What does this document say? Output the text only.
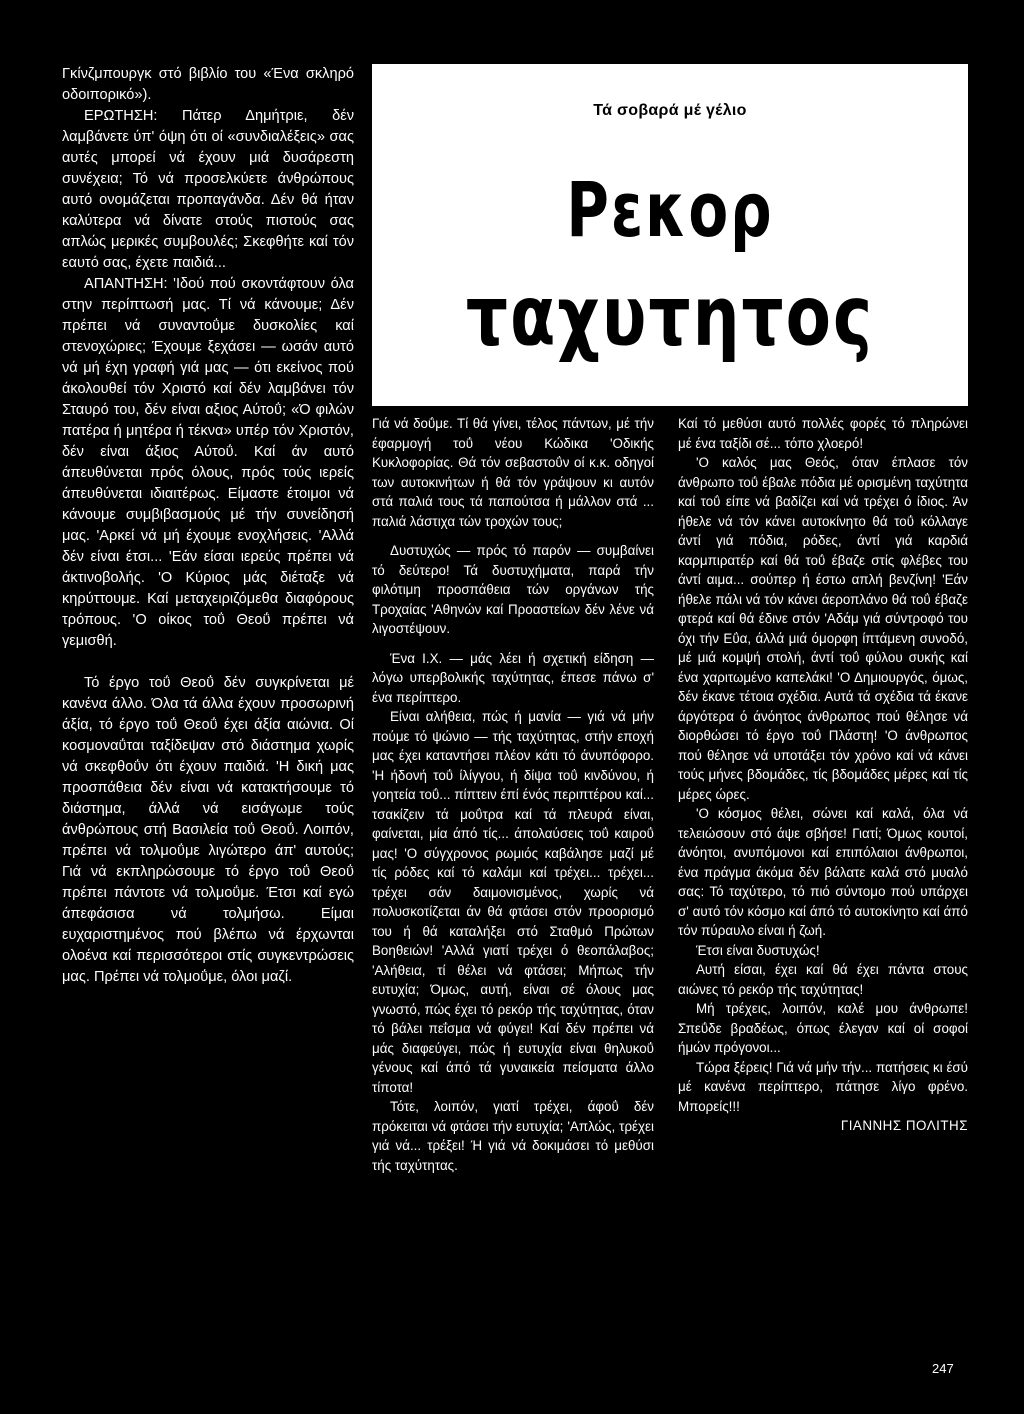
Γκίνζμπουργκ στό βιβλίο του «Ένα σκληρό οδοιπορικό»).

ΕΡΩΤΗΣΗ: Πάτερ Δημήτριε, δέν λαμβάνετε ύπ' όψη ότι οί «συνδιαλέξεις» σας αυτές μπορεί νά έχουν μιά δυσάρεστη συνέχεια; Τό νά προσελκύετε άνθρώπους αυτό ονομάζεται προπαγάνδα. Δέν θά ήταν καλύτερα νά δίνατε στούς πιστούς σας απλώς μερικές συμβουλές; Σκεφθήτε καί τόν εαυτό σας, έχετε παιδιά...

ΑΠΑΝΤΗΣΗ: 'Ιδού πού σκοντάφτουν όλα στην περίπτωσή μας. Τί νά κάνουμε; Δέν πρέπει νά συναντοΰμε δυσκολίες καί στενοχώριες; Έχουμε ξεχάσει — ωσάν αυτό νά μή έχη γραφή γιά μας — ότι εκείνος πού άκολουθεί τόν Χριστό καί δέν λαμβάνει τόν Σταυρό του, δέν είναι αξιος Αύτοΰ; «Ό φιλών πατέρα ή μητέρα ή τέκνα» υπέρ τόν Χριστόν, δέν είναι άξιος Αύτοΰ. Καί άν αυτό άπευθύνεται πρός όλους, πρός τούς ιερείς άπευθύνεται ιδιαιτέρως. Είμαστε έτοιμοι νά κάνουμε συμβιβασμούς μέ τήν συνείδησή μας. 'Αρκεί νά μή έχουμε ενοχλήσεις. 'Αλλά δέν είναι έτσι... 'Εάν είσαι ιερεύς πρέπει νά άκτινοβολής. 'Ο Κύριος μάς διέταξε νά κηρύττουμε. Καί μεταχειριζόμεθα διαφόρους τρόπους. 'Ο οίκος τοΰ Θεοΰ πρέπει νά γεμισθή.

Τό έργο τοΰ Θεοΰ δέν συγκρίνεται μέ κανένα άλλο. Όλα τά άλλα έχουν προσωρινή άξία, τό έργο τοΰ Θεοΰ έχει άξία αιώνια. Οί κοσμοναΰται ταξίδεψαν στό διάστημα χωρίς νά σκεφθοΰν ότι έχουν παιδιά. 'Η δική μας προσπάθεια δέν είναι νά κατακτήσουμε τό διάστημα, άλλά νά εισάγωμε τούς άνθρώπους στή Βασιλεία τοΰ Θεοΰ. Λοιπόν, πρέπει νά τολμοΰμε λιγώτερο άπ' αυτούς; Γιά νά εκπληρώσουμε τό έργο τοΰ Θεοΰ πρέπει πάντοτε νά τολμοΰμε. Έτσι καί εγώ άπεφάσισα νά τολμήσω. Είμαι ευχαριστημένος πού βλέπω νά έρχωνται ολοένα καί περισσότεροι στίς συγκεντρώσεις μας. Πρέπει νά τολμοΰμε, όλοι μαζί.

Τά σοβαρά μέ γέλιο
Ρεκορ
ταχυτητος

Γιά νά δοΰμε. Τί θά γίνει, τέλος πάντων, μέ τήν έφαρμογή τοΰ νέου Κώδικα 'Οδικής Κυκλοφορίας. Θά τόν σεβαστοΰν οί κ.κ. οδηγοί των αυτοκινήτων ή θά τόν γράψουν κι αυτόν στά παλιά τους τά παπούτσα ή μάλλον στά ... παλιά λάστιχα τών τροχών τους;

Δυστυχώς — πρός τό παρόν — συμβαίνει τό δεύτερο! Τά δυστυχήματα, παρά τήν φιλότιμη προσπάθεια τών οργάνων τής Τροχαίας 'Αθηνών καί Προαστείων δέν λένε νά λιγοστέψουν.

Ένα Ι.Χ. — μάς λέει ή σχετική είδηση — λόγω υπερβολικής ταχύτητας, έπεσε πάνω σ' ένα περίπτερο.

Είναι αλήθεια, πώς ή μανία — γιά νά μήν πούμε τό ψώνιο — τής ταχύτητας, στήν εποχή μας έχει καταντήσει πλέον κάτι τό άνυπόφορο. 'Η ήδονή τοΰ ίλίγγου, ή δίψα τοΰ κινδύνου, ή γοητεία τοΰ... πίπτειν έπί ένός περιπτέρου καί... τσακίζειν τά μοΰτρα καί τά πλευρά είναι, φαίνεται, μία άπό τίς... άπολαύσεις τοΰ καιροΰ μας! 'Ο σύγχρονος ρωμιός καβάλησε μαζί μέ τίς ρόδες καί τό καλάμι καί τρέχει... τρέχει... τρέχει σάν δαιμονισμένος, χωρίς νά πολυσκοτίζεται άν θά φτάσει στόν προορισμό του ή θά καταλήξει στό Σταθμό Πρώτων Βοηθειών! 'Αλλά γιατί τρέχει ό θεοπάλαβος; 'Αλήθεια, τί θέλει νά φτάσει; Μήπως τήν ευτυχία; Όμως, αυτή, είναι σέ όλους μας γνωστό, πώς έχει τό ρεκόρ τής ταχύτητας, όταν τό βάλει πεΐσμα νά φύγει! Καί δέν πρέπει νά μάς διαφεύγει, πώς ή ευτυχία είναι θηλυκοΰ γένους καί άπό τά γυναικεία πείσματα άλλο τίποτα!

Τότε, λοιπόν, γιατί τρέχει, άφοΰ δέν πρόκειται νά φτάσει τήν ευτυχία; 'Απλώς, τρέχει γιά νά... τρέξει! Ή γιά νά δοκιμάσει τό μεθύσι τής ταχύτητας.

Καί τό μεθύσι αυτό πολλές φορές τό πληρώνει μέ ένα ταξίδι σέ... τόπο χλοερό!

'Ο καλός μας Θεός, όταν έπλασε τόν άνθρωπο τοΰ έβαλε πόδια μέ ορισμένη ταχύτητα καί τοΰ είπε νά βαδίζει καί νά τρέχει ό ίδιος. Άν ήθελε νά τόν κάνει αυτοκίνητο θά τοΰ κόλλαγε άντί γιά πόδια, ρόδες, άντί γιά καρδιά καρμπιρατέρ καί θά τοΰ έβαζε στίς φλέβες του άντί αιμα... σούπερ ή έστω απλή βενζίνη! 'Εάν ήθελε πάλι νά τόν κάνει άεροπλάνο θά τοΰ έβαζε φτερά καί θά έδινε στόν 'Αδάμ γιά σύντροφό του όχι τήν Εΰα, άλλά μιά όμορφη ίπτάμενη συνοδό, μέ μιά κομψή στολή, άντί τοΰ φύλου συκής καί ένα χαριτωμένο καπελάκι! 'Ο Δημιουργός, όμως, δέν έκανε τέτοια σχέδια. Αυτά τά σχέδια τά έκανε άργότερα ό άνόητος άνθρωπος πού θέλησε νά διορθώσει τό έργο τοΰ Πλάστη! 'Ο άνθρωπος πού θέλησε νά υποτάξει τόν χρόνο καί νά κάνει τούς μήνες βδομάδες, τίς βδομάδες μέρες καί τίς μέρες ώρες.

'Ο κόσμος θέλει, σώνει καί καλά, όλα νά τελειώσουν στό άψε σβήσε! Γιατί; Όμως κουτοί, άνόητοι, ανυπόμονοι καί επιπόλαιοι άνθρωποι, ένα πράγμα άκόμα δέν βάλατε καλά στό μυαλό σας: Τό ταχύτερο, τό πιό σύντομο πού υπάρχει σ' αυτό τόν κόσμο καί άπό τό αυτοκίνητο καί άπό τόν πύραυλο είναι ή ζωή.

Έτσι είναι δυστυχώς!

Αυτή είσαι, έχει καί θά έχει πάντα στους αιώνες τό ρεκόρ τής ταχύτητας!

Μή τρέχεις, λοιπόν, καλέ μου άνθρωπε! Σπεΰδε βραδέως, όπως έλεγαν καί οί σοφοί ήμών πρόγονοι...

Τώρα ξέρεις! Γιά νά μήν τήν... πατήσεις κι έσύ μέ κανένα περίπτερο, πάτησε λίγο φρένο. Μπορείς!!!

ΓΙΑΝΝΗΣ ΠΟΛΙΤΗΣ
247
